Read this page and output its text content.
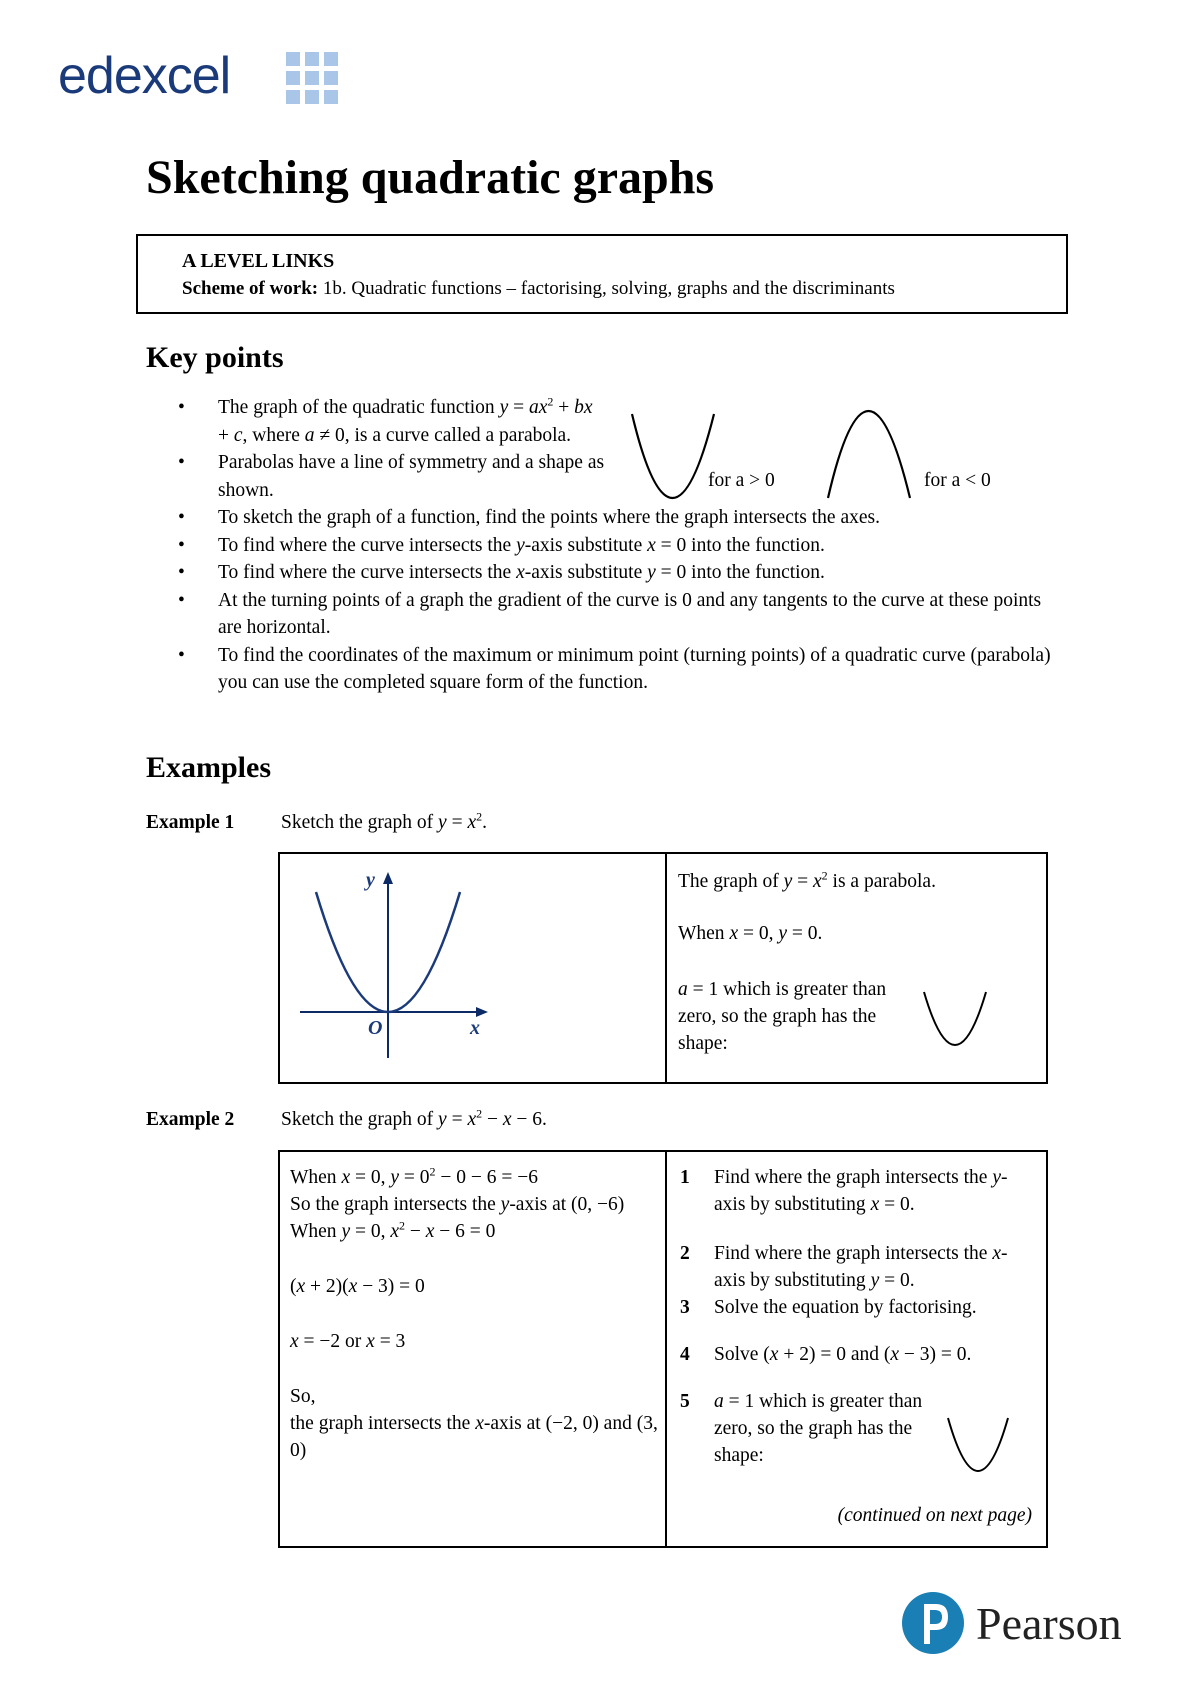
edexcel
Sketching quadratic graphs
A LEVEL LINKS
Scheme of work: 1b. Quadratic functions – factorising, solving, graphs and the discriminants
Key points
• The graph of the quadratic function $y = ax^2$ + bx + c, where a ≠ 0, is a curve called a parabola.
• Parabolas have a line of symmetry and a shape as shown.
• To sketch the graph of a function, find the points where the graph intersects the axes.
• To find where the curve intersects the y-axis substitute x = 0 into the function.
• To find where the curve intersects the x-axis substitute y = 0 into the function.
• At the turning points of a graph the gradient of the curve is 0 and any tangents to the curve at these points are horizontal.
• To find the coordinates of the maximum or minimum point (turning points) of a quadratic curve (parabola) you can use the completed square form of the function.
for a > 0	for a < 0
Examples
Example 1 Sketch the graph of $y = x^2$.
y
x
O
The graph of $y = x^2$ is a parabola.
When x = 0, y = 0.
a = 1 which is greater than zero, so the graph has the shape:
Example 2 Sketch the graph of $y = x^2 - x - 6$.
When x = 0, $y = 0^2 - 0 - 6 = -6$
So the graph intersects the y-axis at (0, −6)
When y = 0, $x^2 - x - 6 = 0$
(x + 2)(x − 3) = 0
x = −2 or x = 3
So,
the graph intersects the x-axis at (−2, 0) and (3, 0)
1 Find where the graph intersects the y-axis by substituting x = 0.
2 Find where the graph intersects the x-axis by substituting y = 0.
3 Solve the equation by factorising.
4 Solve (x + 2) = 0 and (x − 3) = 0.
5 a = 1 which is greater than zero, so the graph has the shape:
(continued on next page)
Pearson
